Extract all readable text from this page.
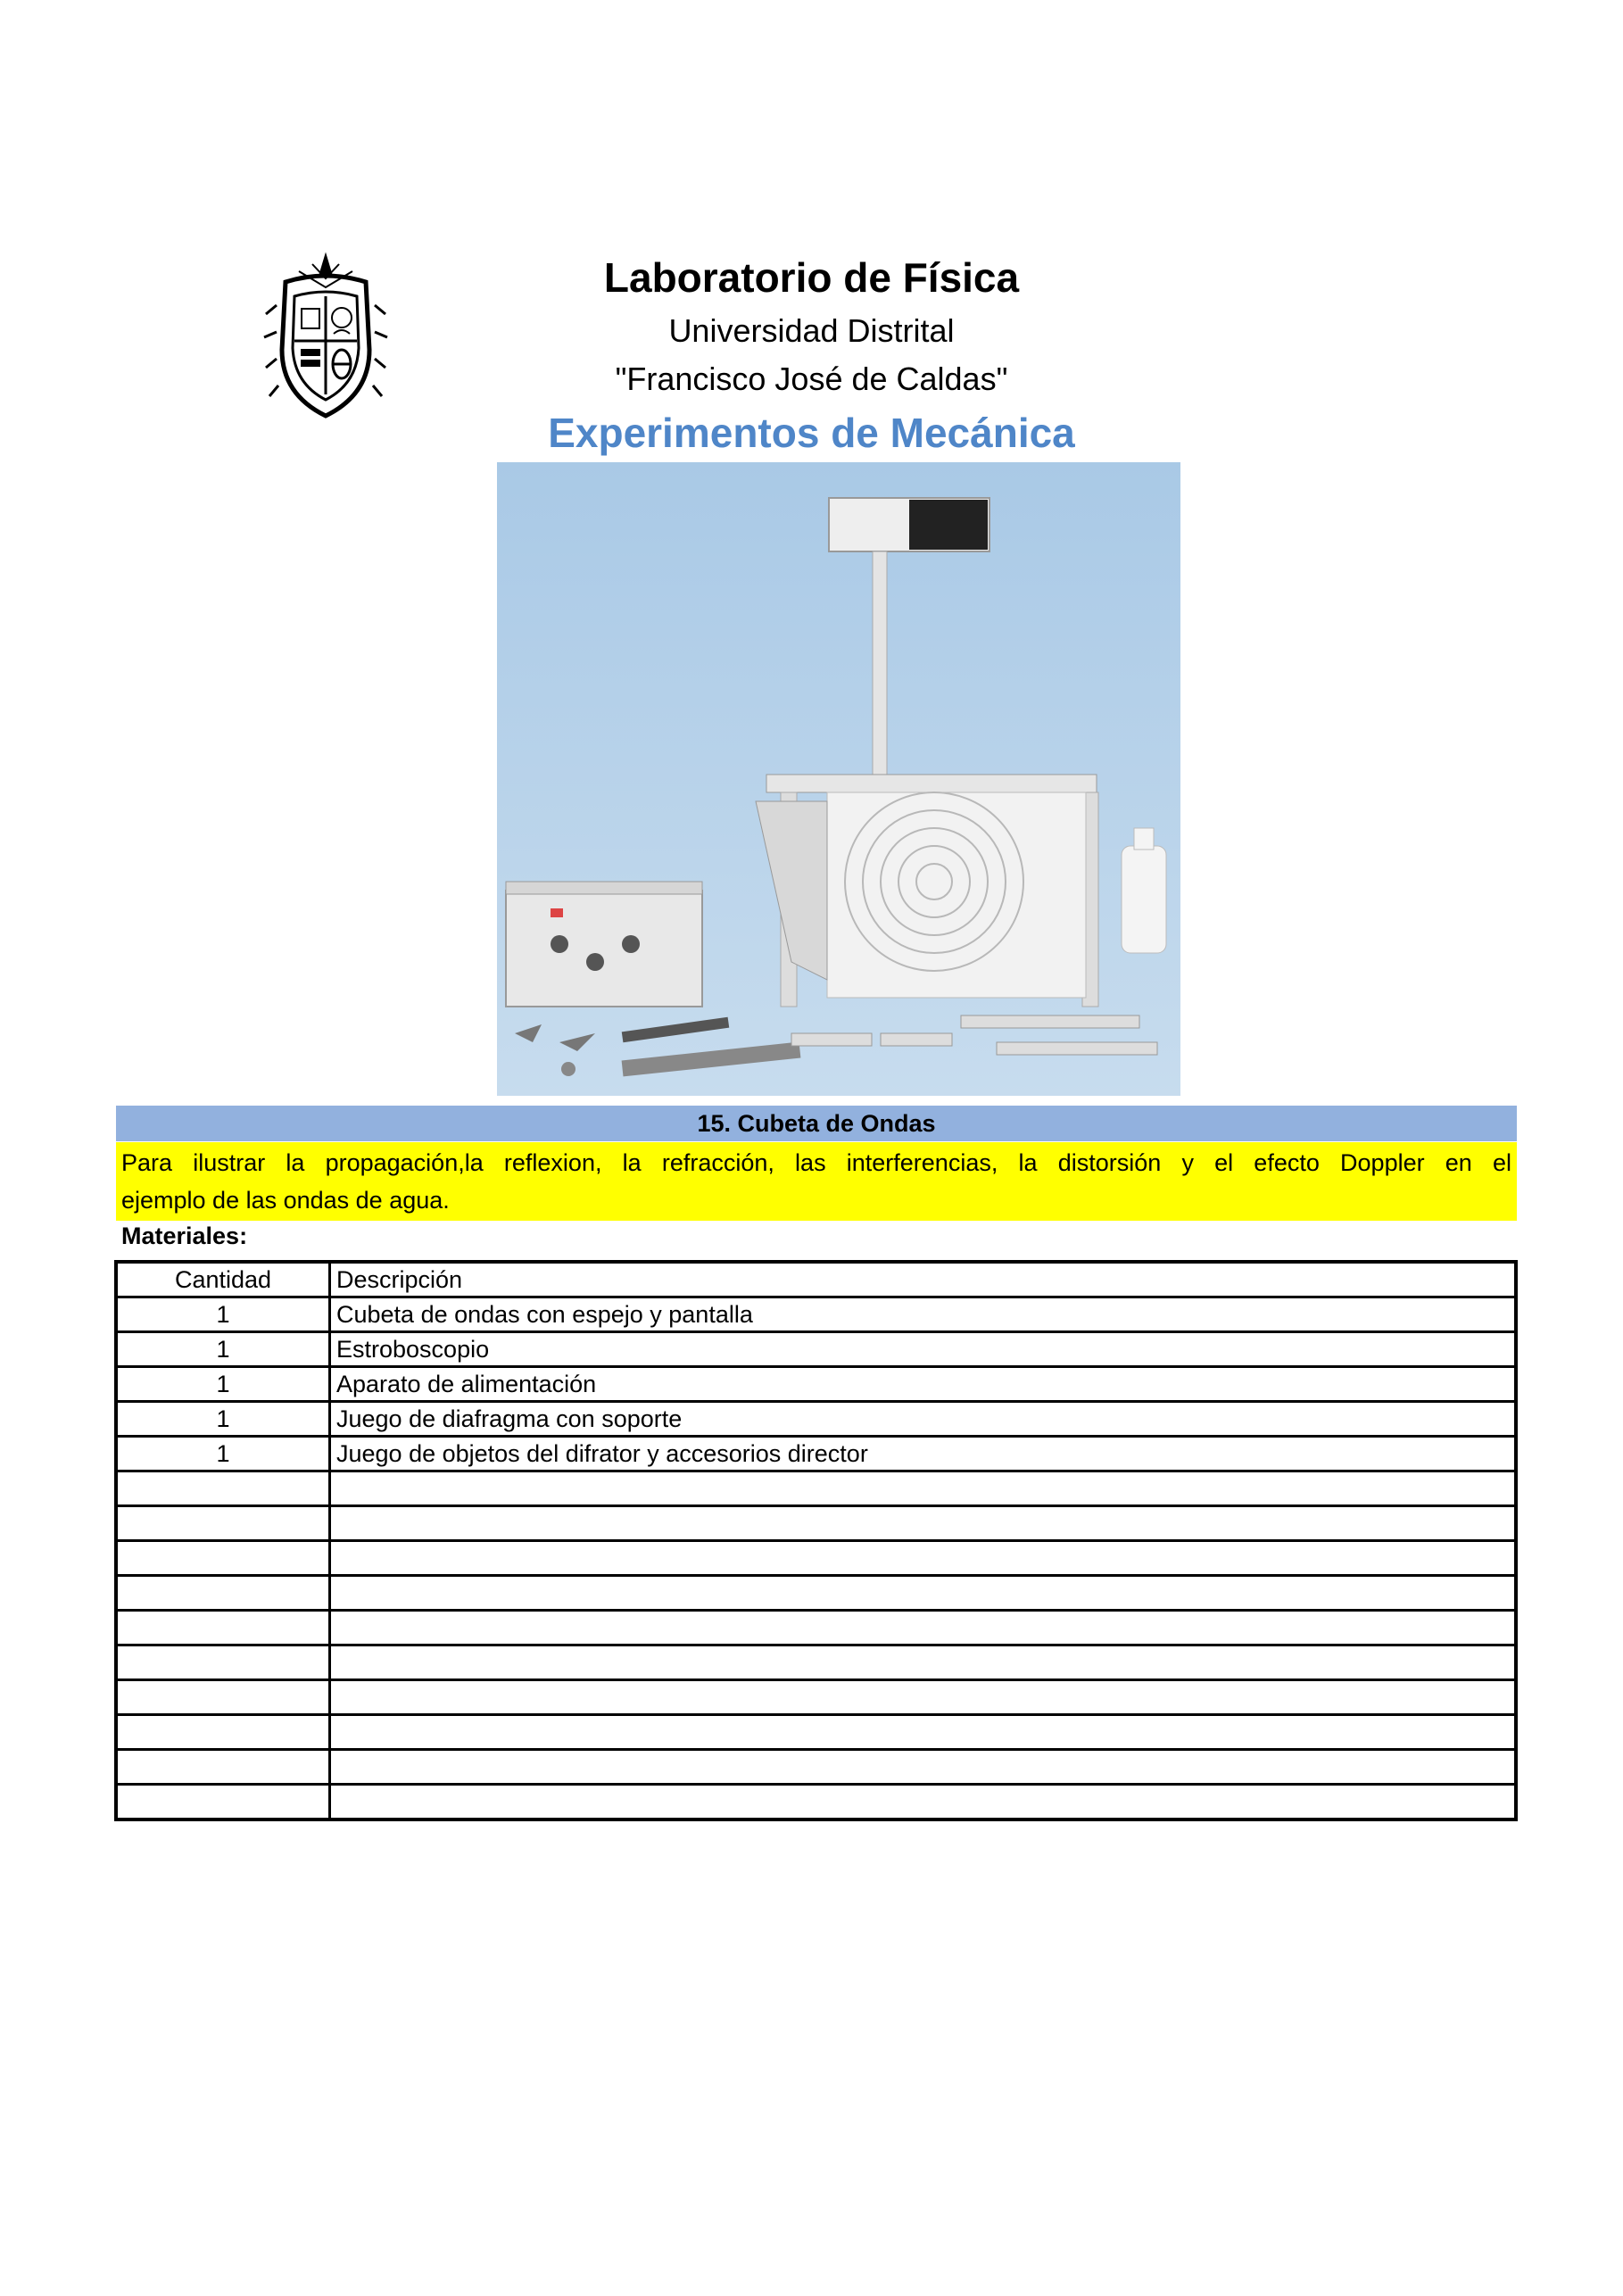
Laboratorio de Física
Universidad Distrital
"Francisco José de Caldas"
Experimentos de Mecánica
15. Cubeta de Ondas
Para ilustrar la propagación,la reflexion, la refracción, las interferencias, la distorsión y el efecto Doppler en el
ejemplo de las ondas de agua.
Materiales:
Cantidad	Descripción
1	Cubeta de ondas con espejo y pantalla
1	Estroboscopio
1	Aparato de alimentación
1	Juego de diafragma con soporte
1	Juego de objetos del difrator y accesorios director
